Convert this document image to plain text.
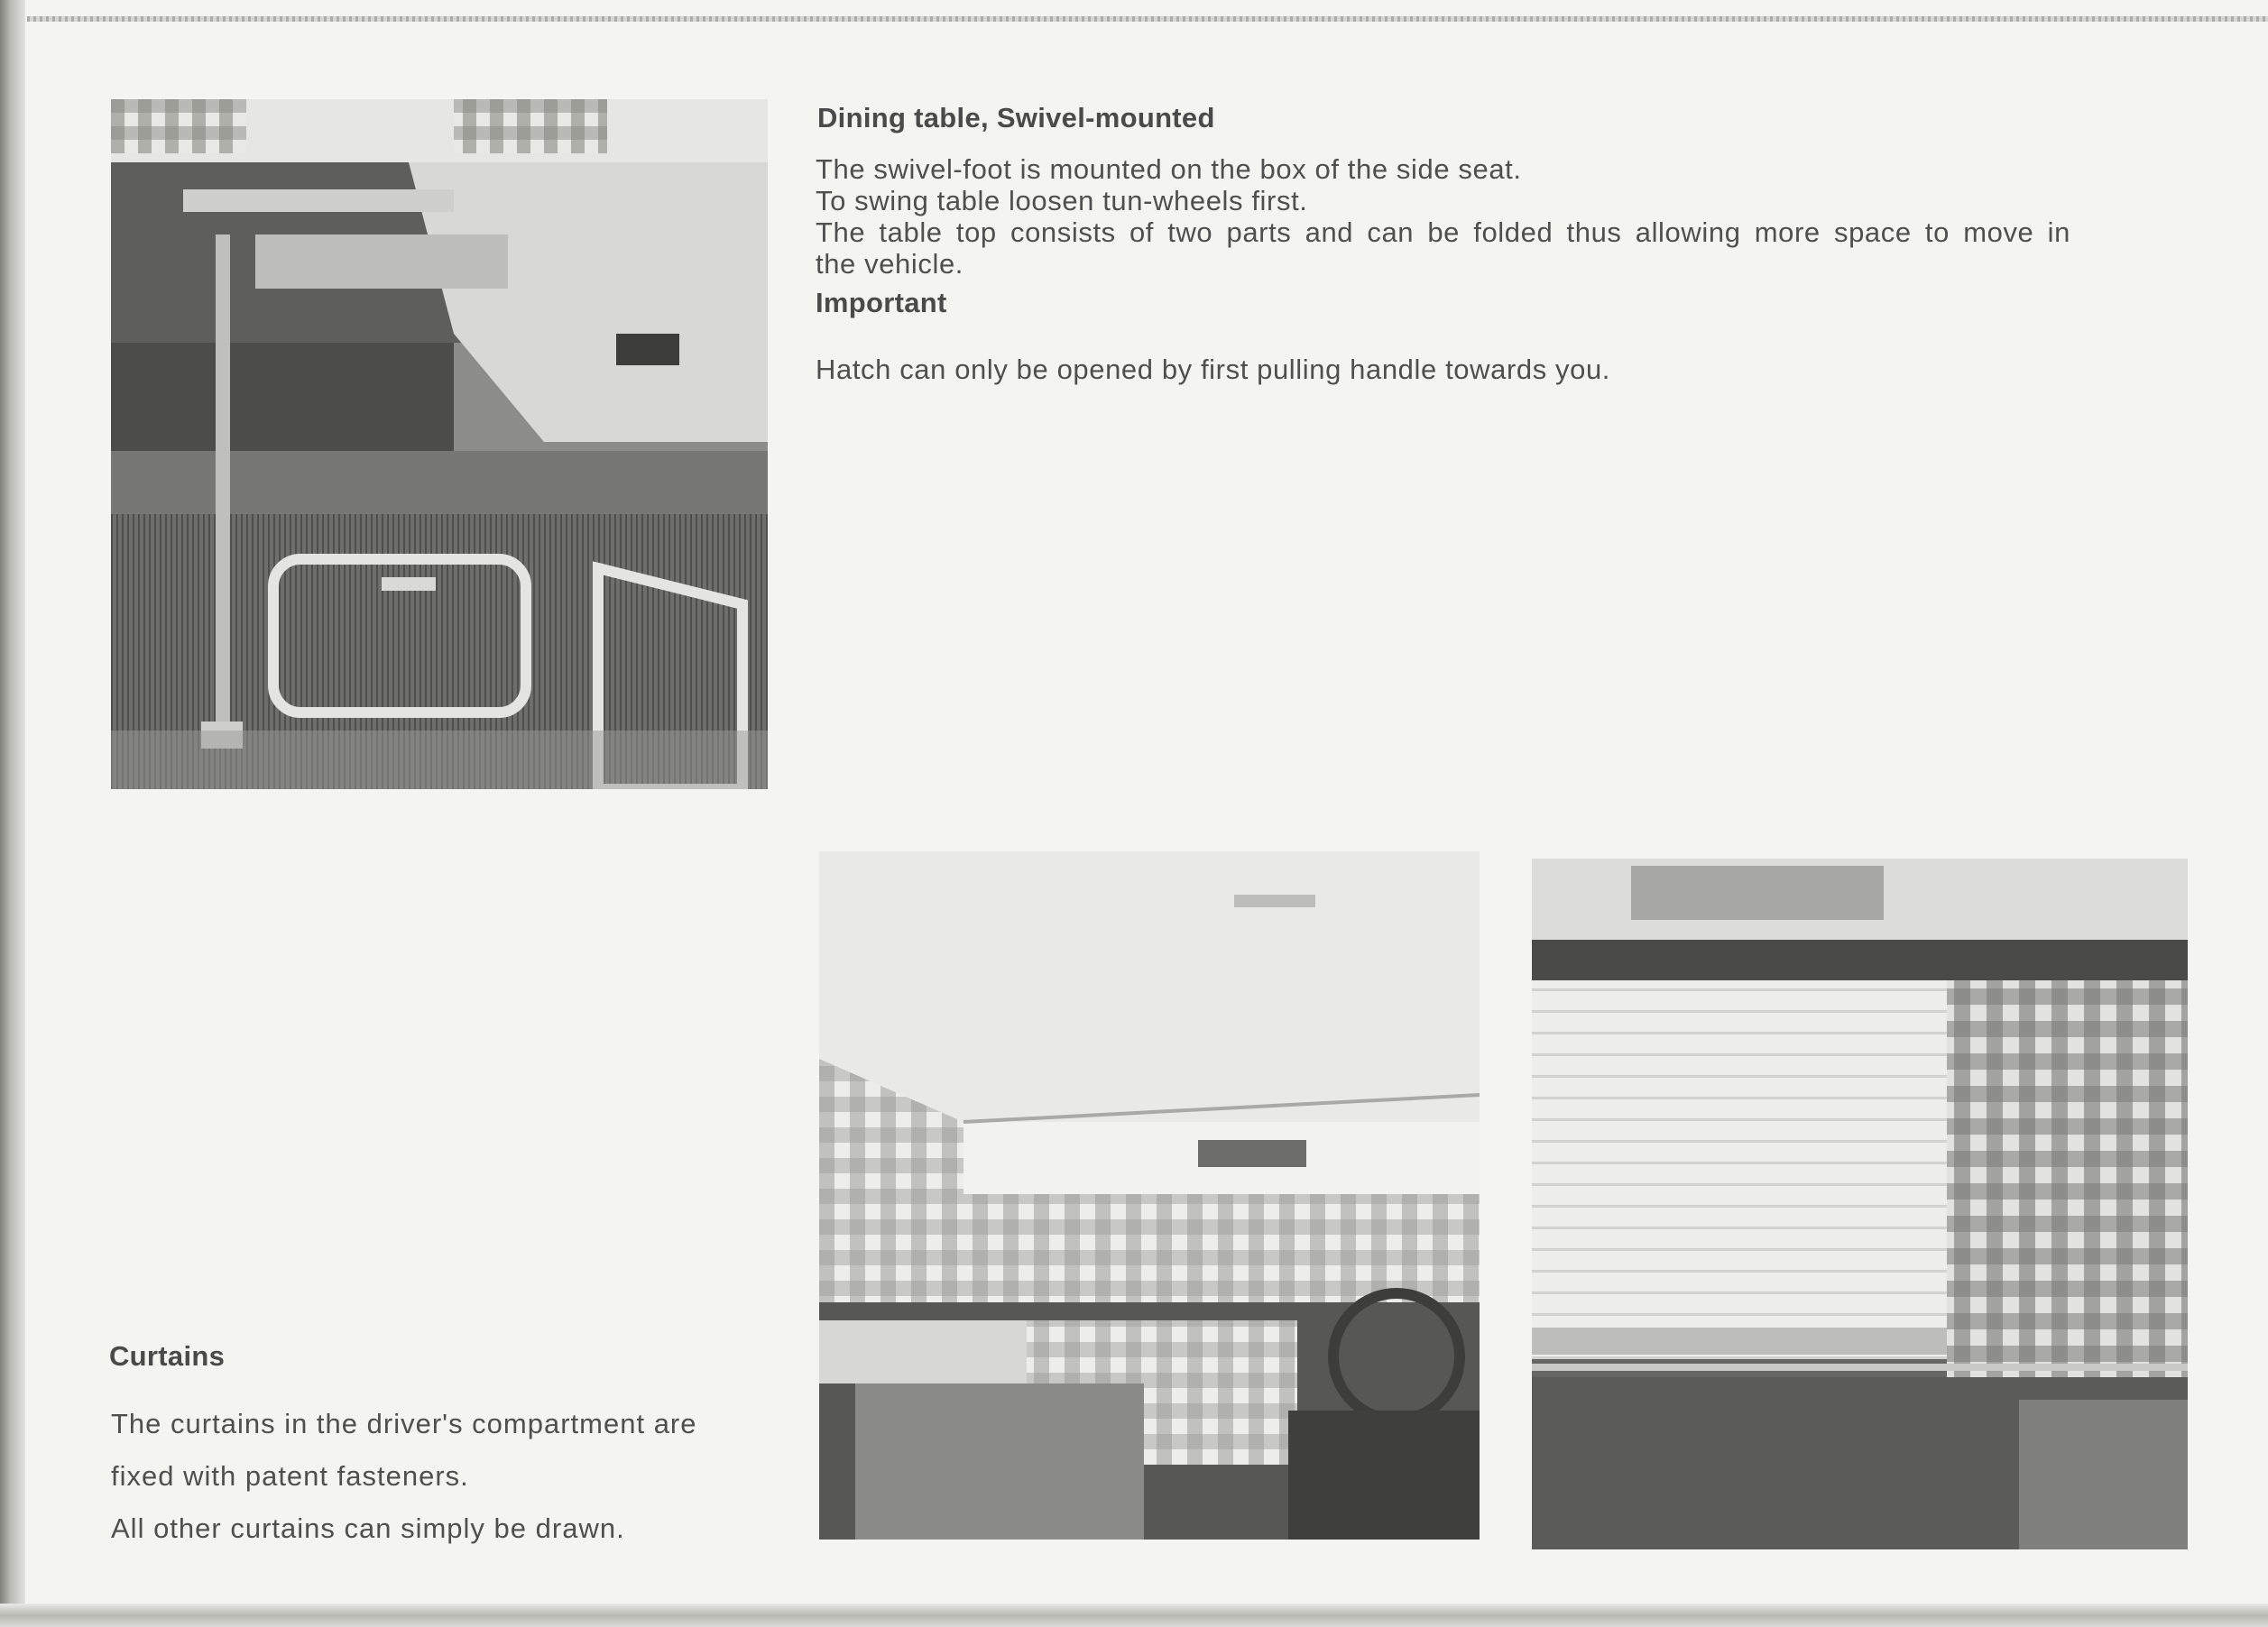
Dining table, Swivel-mounted
The swivel-foot is mounted on the box of the side seat.
To swing table loosen tun-wheels first.
The table top consists of two parts and can be folded thus allowing more space to move in
the vehicle.
Important
Hatch can only be opened by first pulling handle towards you.
Curtains
The curtains in the driver's compartment are
fixed with patent fasteners.
All other curtains can simply be drawn.
